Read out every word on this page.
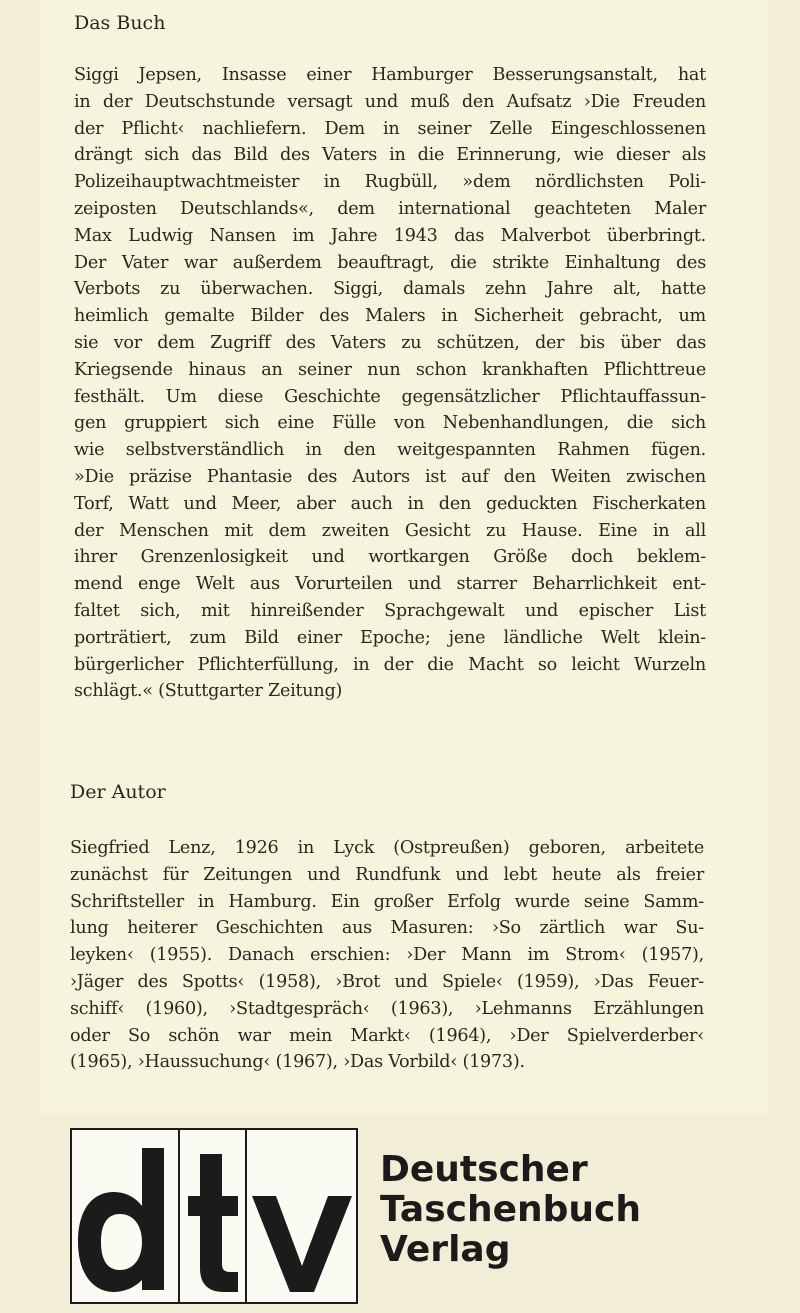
Das Buch
Siggi Jepsen, Insasse einer Hamburger Besserungsanstalt, hat
in der Deutschstunde versagt und muß den Aufsatz ›Die Freuden
der Pflicht‹ nachliefern. Dem in seiner Zelle Eingeschlossenen
drängt sich das Bild des Vaters in die Erinnerung, wie dieser als
Polizeihauptwachtmeister in Rugbüll, »dem nördlichsten Poli-
zeiposten Deutschlands«, dem international geachteten Maler
Max Ludwig Nansen im Jahre 1943 das Malverbot überbringt.
Der Vater war außerdem beauftragt, die strikte Einhaltung des
Verbots zu überwachen. Siggi, damals zehn Jahre alt, hatte
heimlich gemalte Bilder des Malers in Sicherheit gebracht, um
sie vor dem Zugriff des Vaters zu schützen, der bis über das
Kriegsende hinaus an seiner nun schon krankhaften Pflichttreue
festhält. Um diese Geschichte gegensätzlicher Pflichtauffassun-
gen gruppiert sich eine Fülle von Nebenhandlungen, die sich
wie selbstverständlich in den weitgespannten Rahmen fügen.
»Die präzise Phantasie des Autors ist auf den Weiten zwischen
Torf, Watt und Meer, aber auch in den geduckten Fischerkaten
der Menschen mit dem zweiten Gesicht zu Hause. Eine in all
ihrer Grenzenlosigkeit und wortkargen Größe doch beklem-
mend enge Welt aus Vorurteilen und starrer Beharrlichkeit ent-
faltet sich, mit hinreißender Sprachgewalt und epischer List
porträtiert, zum Bild einer Epoche; jene ländliche Welt klein-
bürgerlicher Pflichterfüllung, in der die Macht so leicht Wurzeln
schlägt.« (Stuttgarter Zeitung)
Der Autor
Siegfried Lenz, 1926 in Lyck (Ostpreußen) geboren, arbeitete
zunächst für Zeitungen und Rundfunk und lebt heute als freier
Schriftsteller in Hamburg. Ein großer Erfolg wurde seine Samm-
lung heiterer Geschichten aus Masuren: ›So zärtlich war Su-
leyken‹ (1955). Danach erschien: ›Der Mann im Strom‹ (1957),
›Jäger des Spotts‹ (1958), ›Brot und Spiele‹ (1959), ›Das Feuer-
schiff‹ (1960), ›Stadtgespräch‹ (1963), ›Lehmanns Erzählungen
oder So schön war mein Markt‹ (1964), ›Der Spielverderber‹
(1965), ›Haussuchung‹ (1967), ›Das Vorbild‹ (1973).
Deutscher
Taschenbuch
Verlag
